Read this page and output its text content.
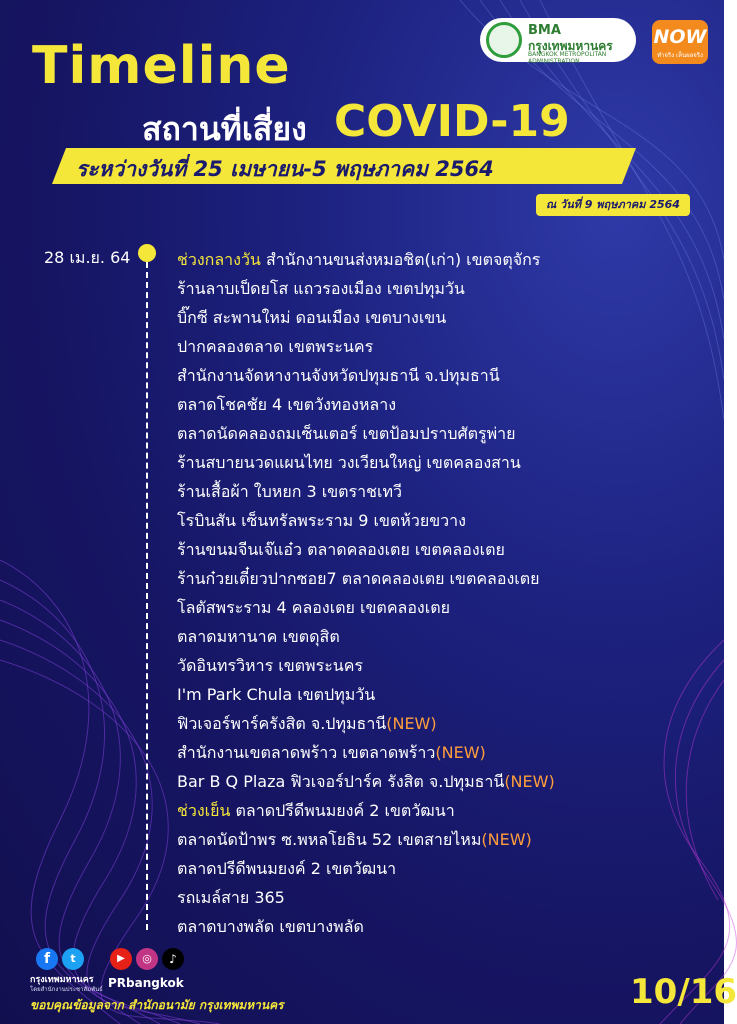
BMA
กรุงเทพมหานคร
BANGKOK METROPOLITAN ADMINISTRATION
NOW
ทำจริง เห็นผลจริง
Timeline
สถานที่เสี่ยง COVID-19
ระหว่างวันที่ 25 เมษายน-5 พฤษภาคม 2564
ณ วันที่ 9 พฤษภาคม 2564
28 เม.ย. 64	ช่วงกลางวัน สำนักงานขนส่งหมอชิต(เก่า) เขตจตุจักร
ร้านลาบเป็ดยโส แถวรองเมือง เขตปทุมวัน
บิ๊กซี สะพานใหม่ ดอนเมือง เขตบางเขน
ปากคลองตลาด เขตพระนคร
สำนักงานจัดหางานจังหวัดปทุมธานี จ.ปทุมธานี
ตลาดโชคชัย 4 เขตวังทองหลาง
ตลาดนัดคลองถมเซ็นเตอร์ เขตป้อมปราบศัตรูพ่าย
ร้านสบายนวดแผนไทย วงเวียนใหญ่ เขตคลองสาน
ร้านเสื้อผ้า ใบหยก 3 เขตราชเทวี
โรบินสัน เซ็นทรัลพระราม 9 เขตห้วยขวาง
ร้านขนมจีนเจ๊แอ๋ว ตลาดคลองเตย เขตคลองเตย
ร้านก๋วยเตี๋ยวปากซอย7 ตลาดคลองเตย เขตคลองเตย
โลตัสพระราม 4 คลองเตย เขตคลองเตย
ตลาดมหานาค เขตดุสิต
วัดอินทรวิหาร เขตพระนคร
I'm Park Chula เขตปทุมวัน
ฟิวเจอร์พาร์ครังสิต จ.ปทุมธานี(NEW)
สำนักงานเขตลาดพร้าว เขตลาดพร้าว(NEW)
Bar B Q Plaza ฟิวเจอร์ปาร์ค รังสิต จ.ปทุมธานี(NEW)
ช่วงเย็น ตลาดปรีดีพนมยงค์ 2 เขตวัฒนา
ตลาดนัดป้าพร ซ.พหลโยธิน 52 เขตสายไหม(NEW)
ตลาดปรีดีพนมยงค์ 2 เขตวัฒนา
รถเมล์สาย 365
ตลาดบางพลัด เขตบางพลัด
f	t	▶	◎	♪
กรุงเทพมหานคร
โดยสำนักงานประชาสัมพันธ์ PRbangkok
ขอบคุณข้อมูลจาก สำนักอนามัย กรุงเทพมหานคร	10/16
